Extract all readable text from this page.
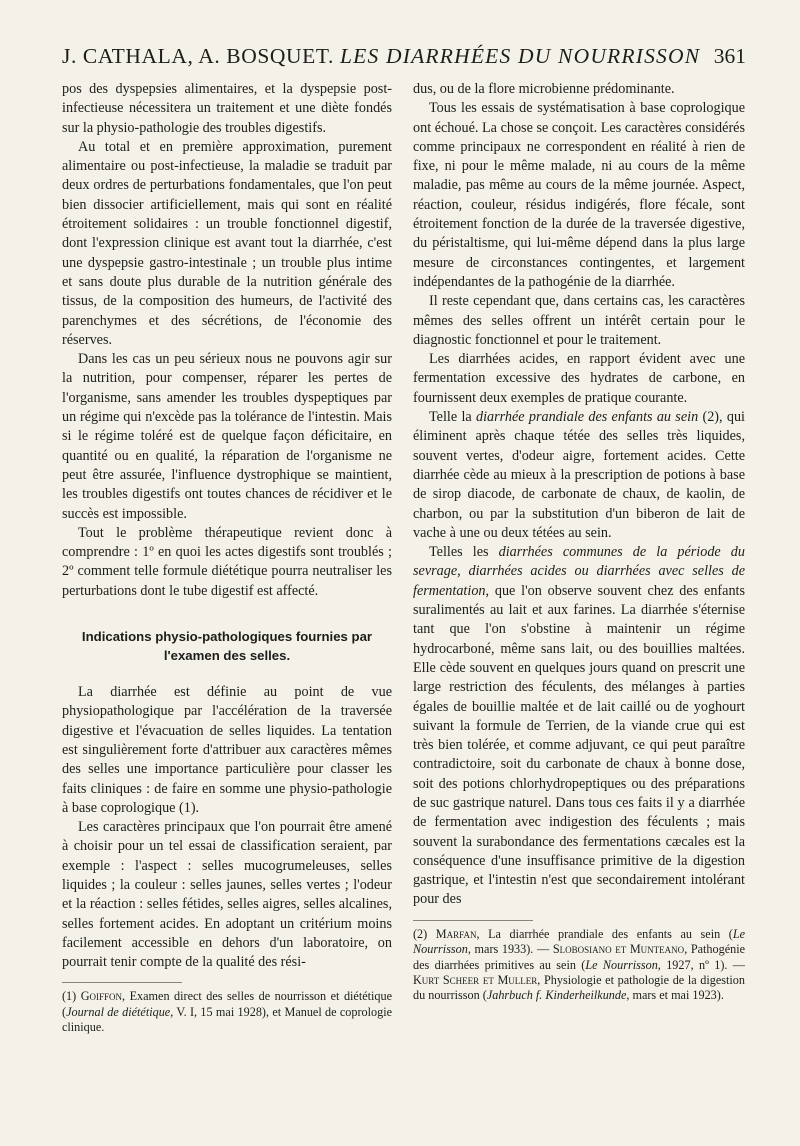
J. CATHALA, A. BOSQUET. LES DIARRHÉES DU NOURRISSON 361

pos des dyspepsies alimentaires, et la dyspepsie post-infectieuse nécessitera un traitement et une diète fondés sur la physio-pathologie des troubles digestifs.

Au total et en première approximation, purement alimentaire ou post-infectieuse, la maladie se traduit par deux ordres de perturbations fondamentales, que l'on peut bien dissocier artificiellement, mais qui sont en réalité étroitement solidaires : un trouble fonctionnel digestif, dont l'expression clinique est avant tout la diarrhée, c'est une dyspepsie gastro-intestinale ; un trouble plus intime et sans doute plus durable de la nutrition générale des tissus, de la composition des humeurs, de l'activité des parenchymes et des sécrétions, de l'économie des réserves.

Dans les cas un peu sérieux nous ne pouvons agir sur la nutrition, pour compenser, réparer les pertes de l'organisme, sans amender les troubles dyspeptiques par un régime qui n'excède pas la tolérance de l'intestin. Mais si le régime toléré est de quelque façon déficitaire, en quantité ou en qualité, la réparation de l'organisme ne peut être assurée, l'influence dystrophique se maintient, les troubles digestifs ont toutes chances de récidiver et le succès est impossible.

Tout le problème thérapeutique revient donc à comprendre : 1º en quoi les actes digestifs sont troublés ; 2º comment telle formule diététique pourra neutraliser les perturbations dont le tube digestif est affecté.

Indications physio-pathologiques fournies par

l'examen des selles.

La diarrhée est définie au point de vue physiopathologique par l'accélération de la traversée digestive et l'évacuation de selles liquides. La tentation est singulièrement forte d'attribuer aux caractères mêmes des selles une importance particulière pour classer les faits cliniques : de faire en somme une physio-pathologie à base coprologique (1).

Les caractères principaux que l'on pourrait être amené à choisir pour un tel essai de classification seraient, par exemple : l'aspect : selles mucogrumeleuses, selles liquides ; la couleur : selles jaunes, selles vertes ; l'odeur et la réaction : selles fétides, selles aigres, selles alcalines, selles fortement acides. En adoptant un critérium moins facilement accessible en dehors d'un laboratoire, on pourrait tenir compte de la qualité des rési-

(1) Goiffon, Examen direct des selles de nourrisson et diététique (Journal de diététique, V. I, 15 mai 1928), et Manuel de coprologie clinique.

dus, ou de la flore microbienne prédominante.

Tous les essais de systématisation à base coprologique ont échoué. La chose se conçoit. Les caractères considérés comme principaux ne correspondent en réalité à rien de fixe, ni pour le même malade, ni au cours de la même maladie, pas même au cours de la même journée. Aspect, réaction, couleur, résidus indigérés, flore fécale, sont étroitement fonction de la durée de la traversée digestive, du péristaltisme, qui lui-même dépend dans la plus large mesure de circonstances contingentes, et largement indépendantes de la pathogénie de la diarrhée.

Il reste cependant que, dans certains cas, les caractères mêmes des selles offrent un intérêt certain pour le diagnostic fonctionnel et pour le traitement.

Les diarrhées acides, en rapport évident avec une fermentation excessive des hydrates de carbone, en fournissent deux exemples de pratique courante.

Telle la diarrhée prandiale des enfants au sein (2), qui éliminent après chaque tétée des selles très liquides, souvent vertes, d'odeur aigre, fortement acides. Cette diarrhée cède au mieux à la prescription de potions à base de sirop diacode, de carbonate de chaux, de kaolin, de charbon, ou par la substitution d'un biberon de lait de vache à une ou deux tétées au sein.

Telles les diarrhées communes de la période du sevrage, diarrhées acides ou diarrhées avec selles de fermentation, que l'on observe souvent chez des enfants suralimentés au lait et aux farines. La diarrhée s'éternise tant que l'on s'obstine à maintenir un régime hydrocarboné, même sans lait, ou des bouillies maltées. Elle cède souvent en quelques jours quand on prescrit une large restriction des féculents, des mélanges à parties égales de bouillie maltée et de lait caillé ou de yoghourt suivant la formule de Terrien, de la viande crue qui est très bien tolérée, et comme adjuvant, ce qui peut paraître contradictoire, soit du carbonate de chaux à bonne dose, soit des potions chlorhydropeptiques ou des préparations de suc gastrique naturel. Dans tous ces faits il y a diarrhée de fermentation avec indigestion des féculents ; mais souvent la surabondance des fermentations cæcales est la conséquence d'une insuffisance primitive de la digestion gastrique, et l'intestin n'est que secondairement intolérant pour des

(2) Marfan, La diarrhée prandiale des enfants au sein (Le Nourrisson, mars 1933). — Slobosiano et Munteano, Pathogénie des diarrhées primitives au sein (Le Nourrisson, 1927, nº 1). — Kurt Scheer et Muller, Physiologie et pathologie de la digestion du nourrisson (Jahrbuch f. Kinderheilkunde, mars et mai 1923).
